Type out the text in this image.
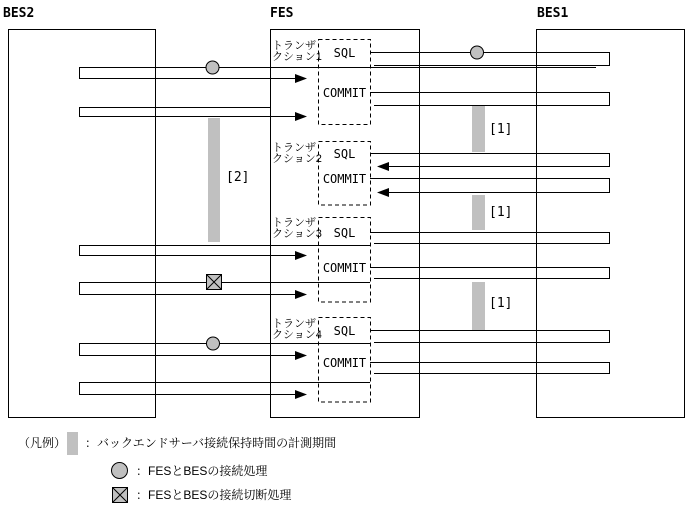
BES2	FES	BES1
[2]
[1]
[1]
[1]
トランザ
クション1 SQL
COMMIT
トランザ
クション2 SQL
COMMIT
トランザ
クション3 SQL
COMMIT
トランザ
クション4 SQL
COMMIT
（凡例） ：バックエンドサーバ接続保持時間の計測期間
：FESとBESの接続処理
：FESとBESの接続切断処理
